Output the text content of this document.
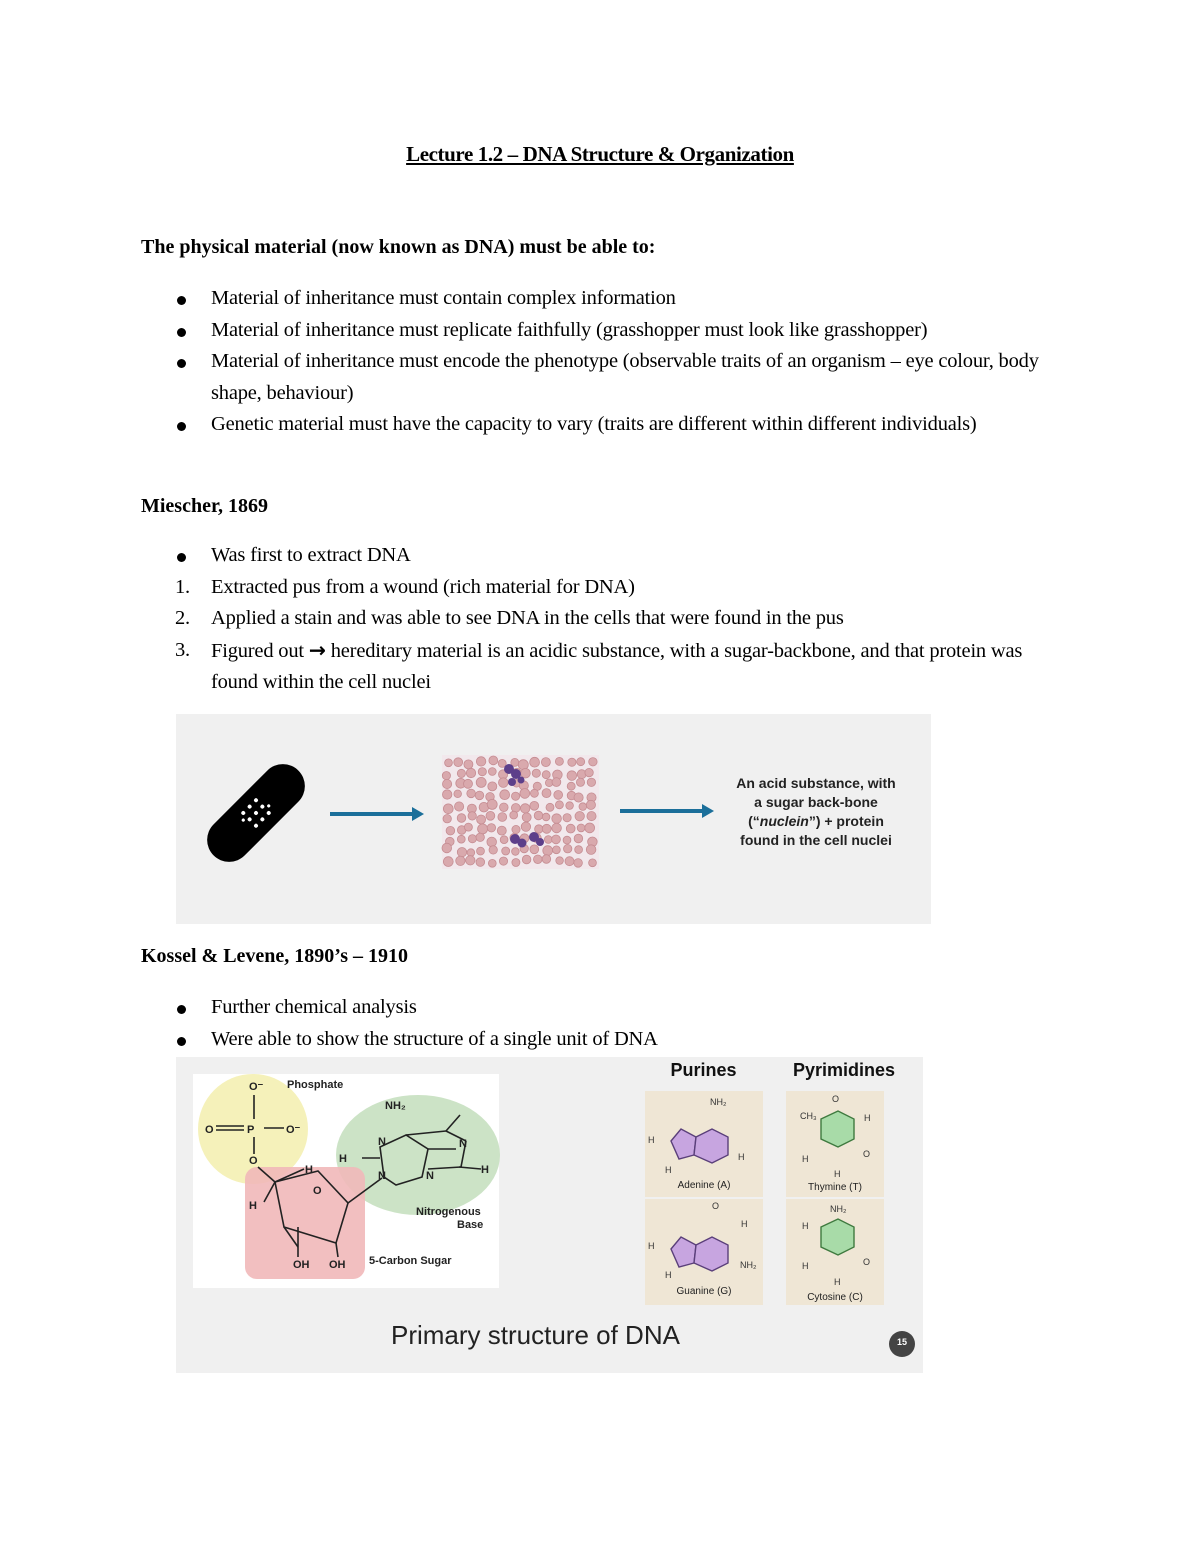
Lecture 1.2 – DNA Structure & Organization
The physical material (now known as DNA) must be able to:
Material of inheritance must contain complex information
Material of inheritance must replicate faithfully (grasshopper must look like grasshopper)
Material of inheritance must encode the phenotype (observable traits of an organism – eye colour, body shape, behaviour)
Genetic material must have the capacity to vary (traits are different within different individuals)
Miescher, 1869
Was first to extract DNA
1. Extracted pus from a wound (rich material for DNA)
2. Applied a stain and was able to see DNA in the cells that were found in the pus
3. Figured out → hereditary material is an acidic substance, with a sugar-backbone, and that protein was found within the cell nuclei
An acid substance, with
a sugar back-bone
(“nuclein”) + protein
found in the cell nuclei
Kossel & Levene, 1890’s – 1910
Further chemical analysis
Were able to show the structure of a single unit of DNA
O⁻
O	P	O⁻
O
O
H
H
OH OH
NH₂
N
H
H
N
N	N
Phosphate
Nitrogenous
Base
5-Carbon Sugar
NH₂
H
H
H
O
H
H
H
NH₂
O
CH₃	H
H	O
H
NH₂
H
H	O
H
Purines	Pyrimidines
Adenine (A)
Guanine (G)
Thymine (T)
Cytosine (C)
Primary structure of DNA	15
